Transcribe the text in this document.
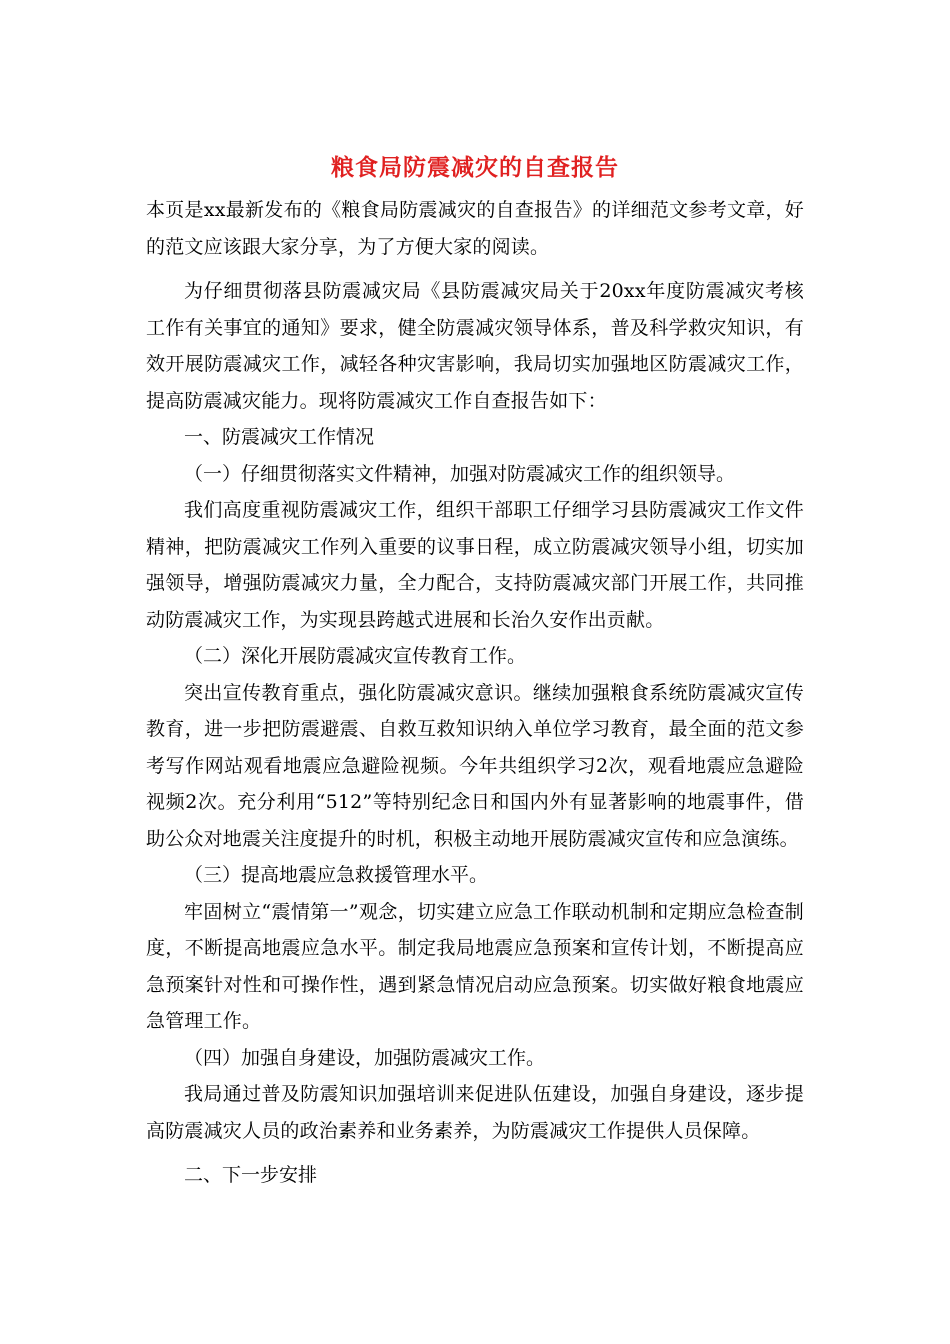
粮食局防震减灾的自查报告

本页是xx最新发布的《粮食局防震减灾的自查报告》的详细范文参考文章，好的范文应该跟大家分享，为了方便大家的阅读。

为仔细贯彻落县防震减灾局《县防震减灾局关于20xx年度防震减灾考核工作有关事宜的通知》要求，健全防震减灾领导体系，普及科学救灾知识，有效开展防震减灾工作，减轻各种灾害影响，我局切实加强地区防震减灾工作，提高防震减灾能力。现将防震减灾工作自查报告如下：

一、防震减灾工作情况

（一）仔细贯彻落实文件精神，加强对防震减灾工作的组织领导。

我们高度重视防震减灾工作，组织干部职工仔细学习县防震减灾工作文件精神，把防震减灾工作列入重要的议事日程，成立防震减灾领导小组，切实加强领导，增强防震减灾力量，全力配合，支持防震减灾部门开展工作，共同推动防震减灾工作，为实现县跨越式进展和长治久安作出贡献。

（二）深化开展防震减灾宣传教育工作。

突出宣传教育重点，强化防震减灾意识。继续加强粮食系统防震减灾宣传教育，进一步把防震避震、自救互救知识纳入单位学习教育，最全面的范文参考写作网站观看地震应急避险视频。今年共组织学习2次，观看地震应急避险视频2次。充分利用“512”等特别纪念日和国内外有显著影响的地震事件，借助公众对地震关注度提升的时机，积极主动地开展防震减灾宣传和应急演练。

（三）提高地震应急救援管理水平。

牢固树立“震情第一”观念，切实建立应急工作联动机制和定期应急检查制度，不断提高地震应急水平。制定我局地震应急预案和宣传计划，不断提高应急预案针对性和可操作性，遇到紧急情况启动应急预案。切实做好粮食地震应急管理工作。

（四）加强自身建设，加强防震减灾工作。

我局通过普及防震知识加强培训来促进队伍建设，加强自身建设，逐步提高防震减灾人员的政治素养和业务素养，为防震减灾工作提供人员保障。

二、下一步安排
